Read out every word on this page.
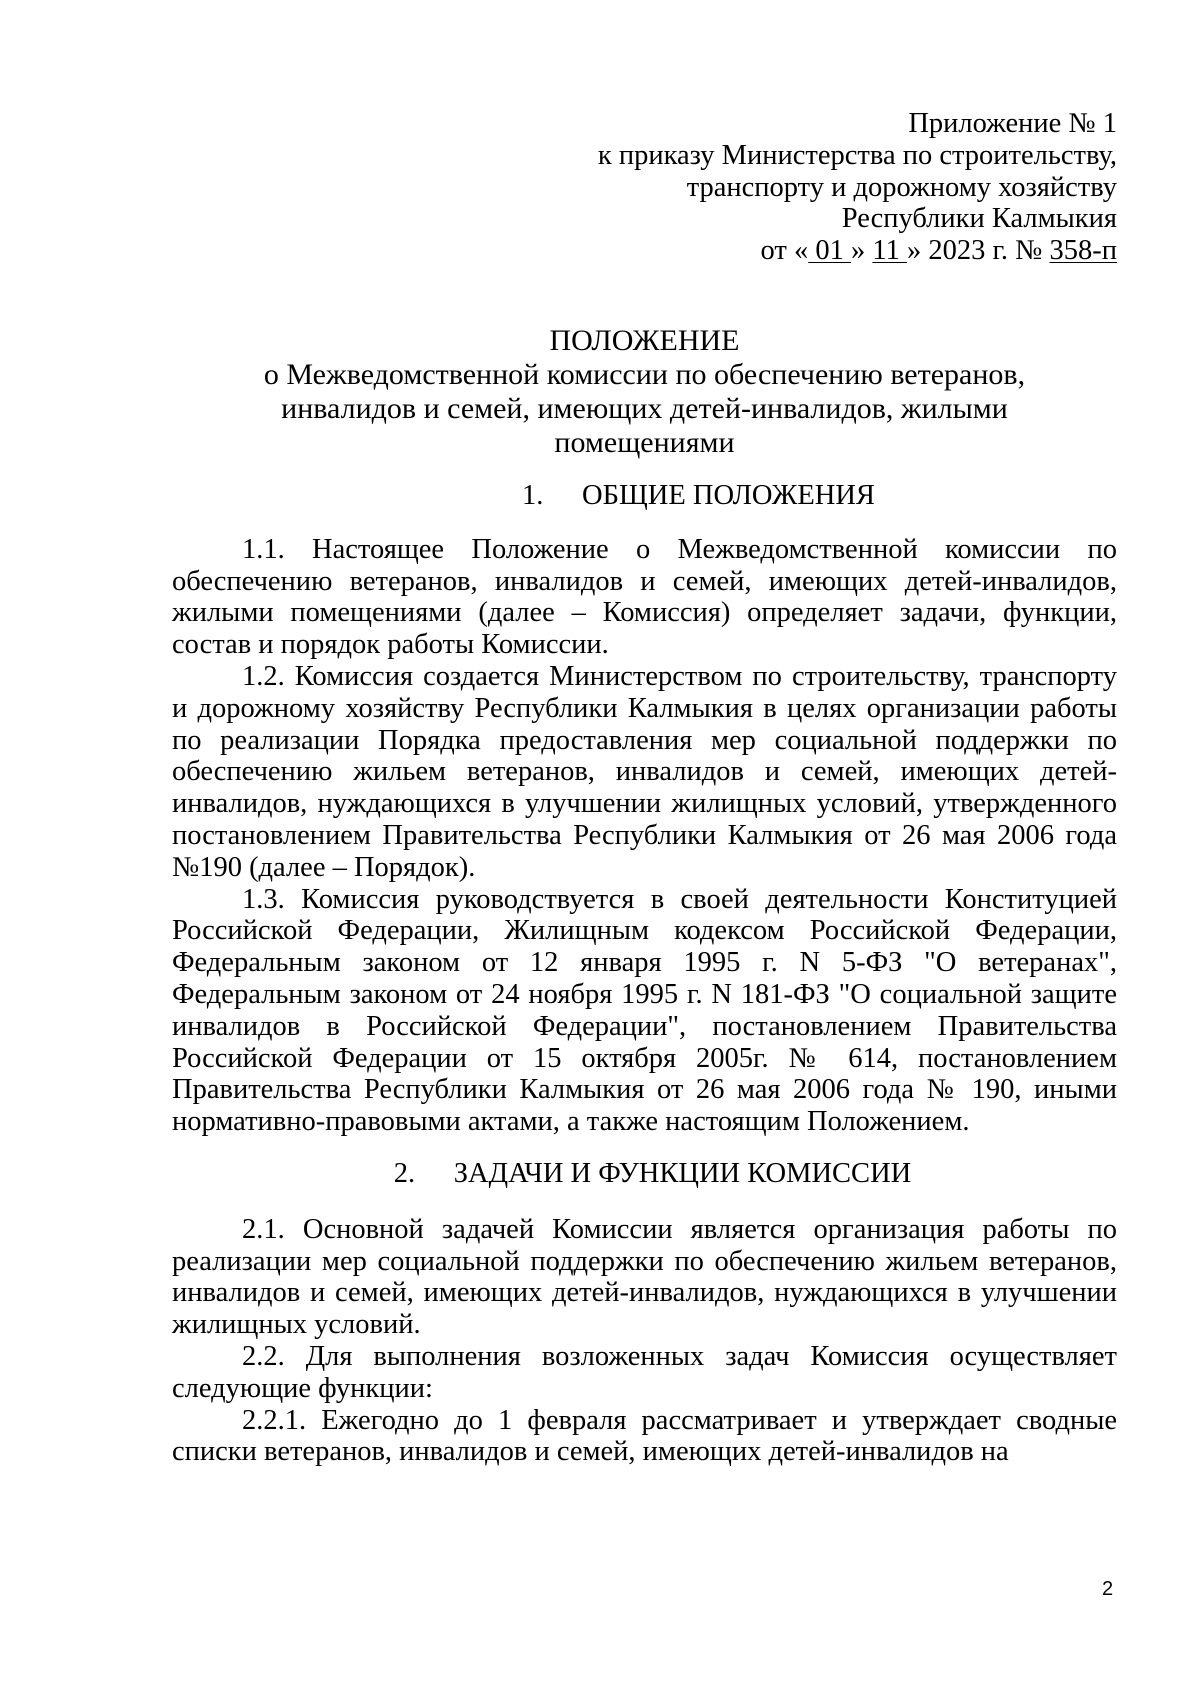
Приложение № 1
к приказу Министерства по строительству,
транспорту и дорожному хозяйству
Республики Калмыкия
от « 01 » 11 » 2023 г. № 358-п
ПОЛОЖЕНИЕ
о Межведомственной комиссии по обеспечению ветеранов,
инвалидов и семей, имеющих детей-инвалидов, жилыми
помещениями
1. ОБЩИЕ ПОЛОЖЕНИЯ

1.1. Настоящее Положение о Межведомственной комиссии по обеспечению ветеранов, инвалидов и семей, имеющих детей-инвалидов, жилыми помещениями (далее – Комиссия) определяет задачи, функции, состав и порядок работы Комиссии.

1.2. Комиссия создается Министерством по строительству, транспорту и дорожному хозяйству Республики Калмыкия в целях организации работы по реализации Порядка предоставления мер социальной поддержки по обеспечению жильем ветеранов, инвалидов и семей, имеющих детей-инвалидов, нуждающихся в улучшении жилищных условий, утвержденного постановлением Правительства Республики Калмыкия от 26 мая 2006 года №190 (далее – Порядок).

1.3. Комиссия руководствуется в своей деятельности Конституцией Российской Федерации, Жилищным кодексом Российской Федерации, Федеральным законом от 12 января 1995 г. N 5-ФЗ "О ветеранах", Федеральным законом от 24 ноября 1995 г. N 181-ФЗ "О социальной защите инвалидов в Российской Федерации", постановлением Правительства Российской Федерации от 15 октября 2005г. № 614, постановлением Правительства Республики Калмыкия от 26 мая 2006 года № 190, иными нормативно-правовыми актами, а также настоящим Положением.

2. ЗАДАЧИ И ФУНКЦИИ КОМИССИИ

2.1. Основной задачей Комиссии является организация работы по реализации мер социальной поддержки по обеспечению жильем ветеранов, инвалидов и семей, имеющих детей-инвалидов, нуждающихся в улучшении жилищных условий.

2.2. Для выполнения возложенных задач Комиссия осуществляет следующие функции:

2.2.1. Ежегодно до 1 февраля рассматривает и утверждает сводные списки ветеранов, инвалидов и семей, имеющих детей-инвалидов на

2
